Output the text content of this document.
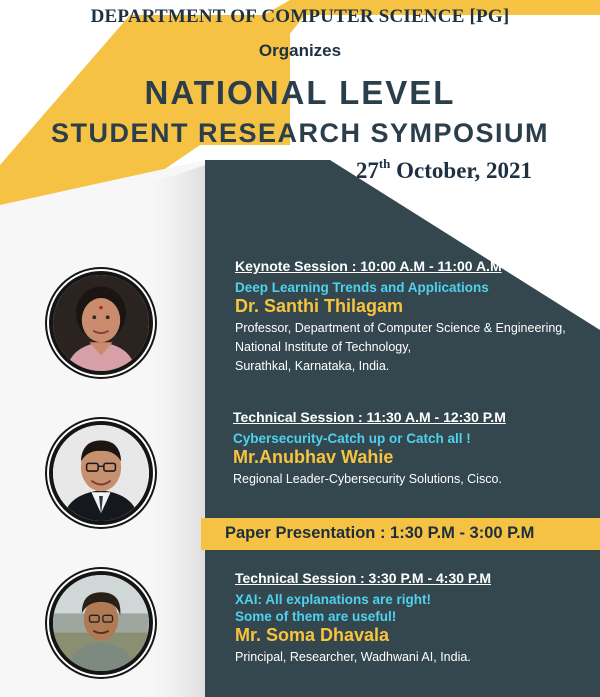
DEPARTMENT OF COMPUTER SCIENCE [PG]

Organizes

NATIONAL LEVEL

STUDENT RESEARCH SYMPOSIUM

27th October, 2021

Keynote Session : 10:00 A.M - 11:00 A.M

Deep Learning Trends and Applications

Dr. Santhi Thilagam

Professor, Department of Computer Science & Engineering,

National Institute of Technology,

Surathkal, Karnataka, India.

Technical Session : 11:30 A.M - 12:30 P.M

Cybersecurity-Catch up or Catch all !

Mr.Anubhav Wahie

Regional Leader-Cybersecurity Solutions, Cisco.

Paper Presentation : 1:30 P.M - 3:00 P.M

Technical Session : 3:30 P.M - 4:30 P.M

XAI: All explanations are right!

Some of them are useful!

Mr. Soma Dhavala

Principal, Researcher, Wadhwani AI, India.
